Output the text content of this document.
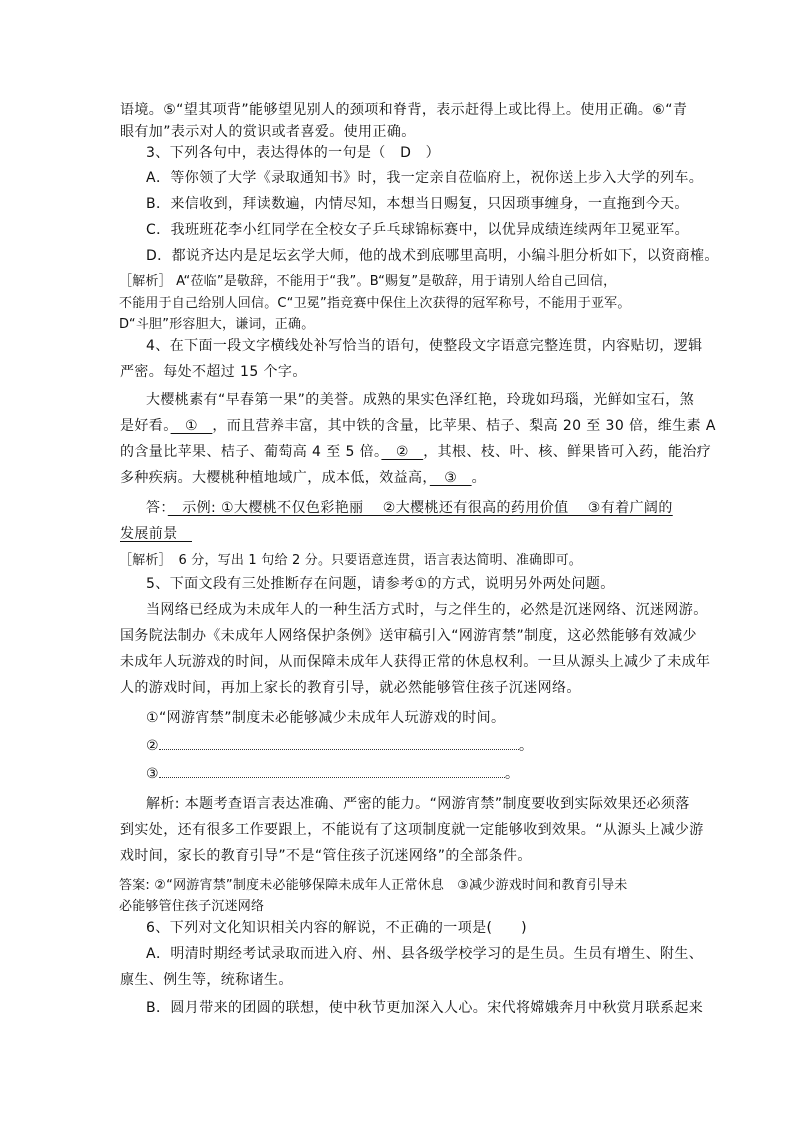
语境。⑤“望其项背”能够望见别人的颈项和脊背，表示赶得上或比得上。使用正确。⑥“青
眼有加”表示对人的赏识或者喜爱。使用正确。
3、下列各句中，表达得体的一句是（　D　）
A．等你领了大学《录取通知书》时，我一定亲自莅临府上，祝你送上步入大学的列车。
B．来信收到，拜读数遍，内情尽知，本想当日赐复，只因琐事缠身，一直拖到今天。
C．我班班花李小红同学在全校女子乒乓球锦标赛中，以优异成绩连续两年卫冕亚军。
D．都说齐达内是足坛玄学大师，他的战术到底哪里高明，小编斗胆分析如下，以资商榷。
［解析］ A“莅临”是敬辞，不能用于“我”。B“赐复”是敬辞，用于请别人给自己回信，
不能用于自己给别人回信。C“卫冕”指竞赛中保住上次获得的冠军称号，不能用于亚军。
D“斗胆”形容胆大，谦词，正确。
4、在下面一段文字横线处补写恰当的语句，使整段文字语意完整连贯，内容贴切，逻辑
严密。每处不超过 15 个字。
大樱桃素有“早春第一果”的美誉。成熟的果实色泽红艳，玲珑如玛瑙，光鲜如宝石，煞
是好看。　①　，而且营养丰富，其中铁的含量，比苹果、桔子、梨高 20 至 30 倍，维生素 A
的含量比苹果、桔子、葡萄高 4 至 5 倍。　②　，其根、枝、叶、核、鲜果皆可入药，能治疗
多种疾病。大樱桃种植地域广，成本低，效益高，　③　。
答：　示例: ①大樱桃不仅色彩艳丽　 ②大樱桃还有很高的药用价值　 ③有着广阔的
发展前景　
［解析］　6 分，写出 1 句给 2 分。只要语意连贯，语言表达简明、准确即可。
5、下面文段有三处推断存在问题，请参考①的方式，说明另外两处问题。
当网络已经成为未成年人的一种生活方式时，与之伴生的，必然是沉迷网络、沉迷网游。
国务院法制办《未成年人网络保护条例》送审稿引入“网游宵禁”制度，这必然能够有效减少
未成年人玩游戏的时间，从而保障未成年人获得正常的休息权利。一旦从源头上减少了未成年
人的游戏时间，再加上家长的教育引导，就必然能够管住孩子沉迷网络。
①“网游宵禁”制度未必能够减少未成年人玩游戏的时间。
②	。
③	。
解析: 本题考查语言表达准确、严密的能力。“网游宵禁”制度要收到实际效果还必须落
到实处，还有很多工作要跟上，不能说有了这项制度就一定能够收到效果。“从源头上减少游
戏时间，家长的教育引导”不是“管住孩子沉迷网络”的全部条件。
答案: ②“网游宵禁”制度未必能够保障未成年人正常休息　③减少游戏时间和教育引导未
必能够管住孩子沉迷网络
6、下列对文化知识相关内容的解说，不正确的一项是(　　)
A．明清时期经考试录取而进入府、州、县各级学校学习的是生员。生员有增生、附生、
廪生、例生等，统称诸生。
B．圆月带来的团圆的联想，使中秋节更加深入人心。宋代将嫦娥奔月中秋赏月联系起来
